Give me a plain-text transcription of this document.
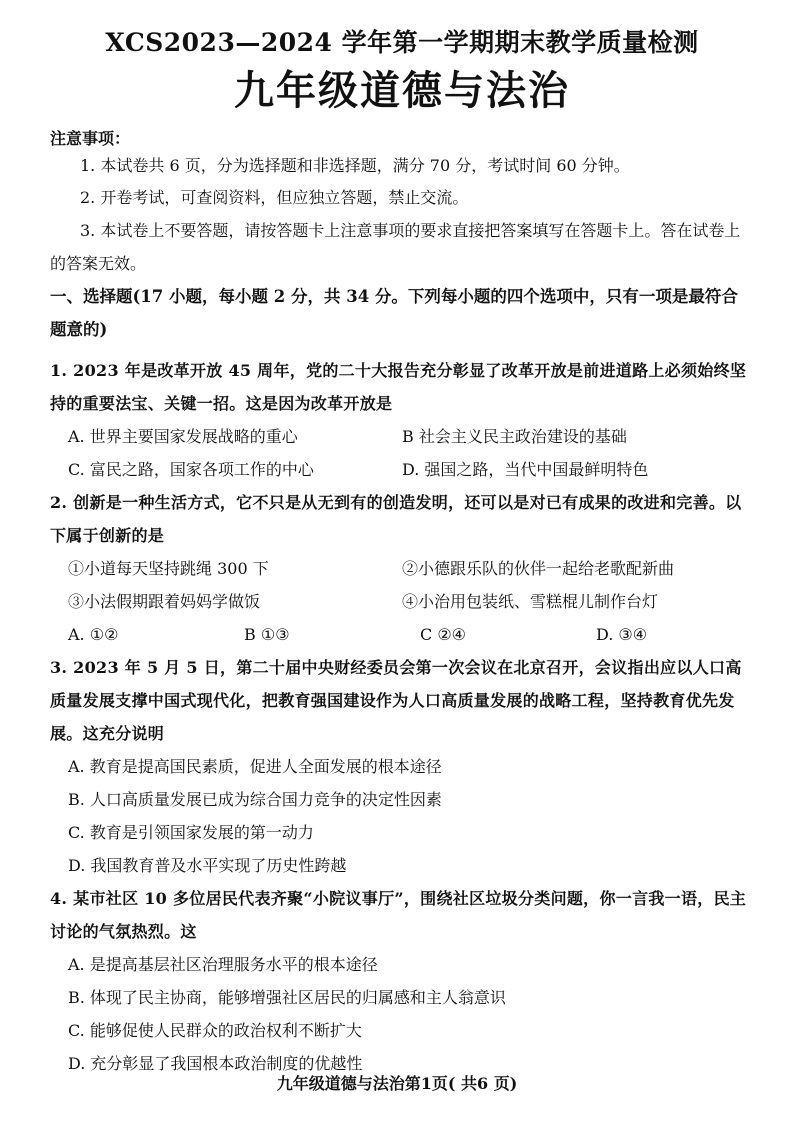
XCS2023—2024 学年第一学期期末教学质量检测
九年级道德与法治
注意事项：

1. 本试卷共 6 页，分为选择题和非选择题，满分 70 分，考试时间 60 分钟。

2. 开卷考试，可查阅资料，但应独立答题，禁止交流。

3. 本试卷上不要答题，请按答题卡上注意事项的要求直接把答案填写在答题卡上。答在试卷上的答案无效。

一、选择题(17 小题，每小题 2 分，共 34 分。下列每小题的四个选项中，只有一项是最符合题意的)

1. 2023 年是改革开放 45 周年，党的二十大报告充分彰显了改革开放是前进道路上必须始终坚持的重要法宝、关键一招。这是因为改革开放是

A. 世界主要国家发展战略的重心	B 社会主义民主政治建设的基础
C. 富民之路，国家各项工作的中心	D. 强国之路，当代中国最鲜明特色

2. 创新是一种生活方式，它不只是从无到有的创造发明，还可以是对已有成果的改进和完善。以下属于创新的是

①小道每天坚持跳绳 300 下	②小德跟乐队的伙伴一起给老歌配新曲
③小法假期跟着妈妈学做饭	④小治用包装纸、雪糕棍儿制作台灯
A. ①②	B ①③	C ②④	D. ③④

3. 2023 年 5 月 5 日，第二十届中央财经委员会第一次会议在北京召开，会议指出应以人口高质量发展支撑中国式现代化，把教育强国建设作为人口高质量发展的战略工程，坚持教育优先发展。这充分说明

A. 教育是提高国民素质，促进人全面发展的根本途径

B. 人口高质量发展已成为综合国力竞争的决定性因素

C. 教育是引领国家发展的第一动力

D. 我国教育普及水平实现了历史性跨越

4. 某市社区 10 多位居民代表齐聚“小院议事厅”，围绕社区垃圾分类问题，你一言我一语，民主讨论的气氛热烈。这

A. 是提高基层社区治理服务水平的根本途径

B. 体现了民主协商，能够增强社区居民的归属感和主人翁意识

C. 能够促使人民群众的政治权利不断扩大

D. 充分彰显了我国根本政治制度的优越性

九年级道德与法治第1页( 共6 页)
